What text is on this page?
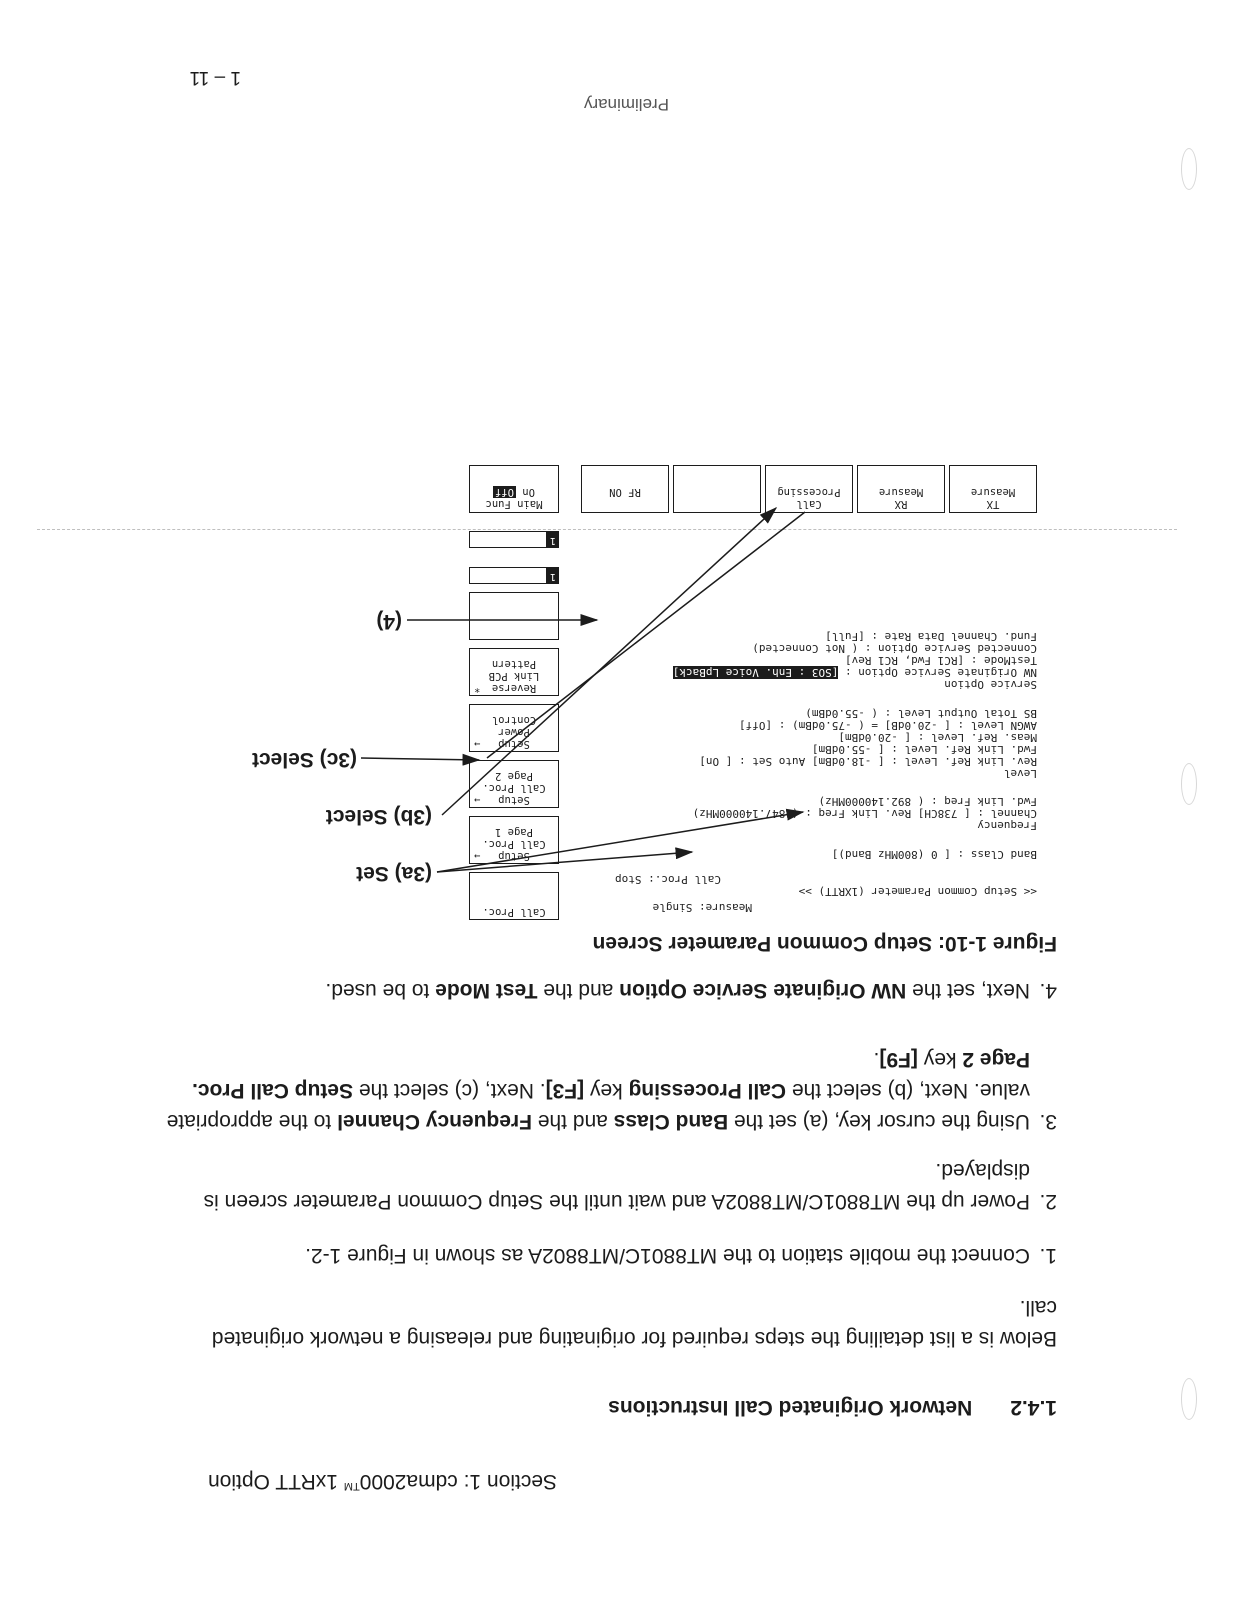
Section 1: cdma2000™ 1xRTT Option
1.4.2Network Originated Call Instructions
Below is a list detailing the steps required for originating and releasing a network originated call.
1.
Connect the mobile station to the MT8801C/MT8802A as shown in Figure 1-2.
2.
Power up the MT8801C/MT8802A and wait until the Setup Common Parameter screen is displayed.
3.
Using the cursor key, (a) set the Band Class and the Frequency Channel to the appropriate value. Next, (b) select the Call Processing key [F3]. Next, (c) select the Setup Call Proc. Page 2 key [F9].
4.
Next, set the NW Originate Service Option and the Test Mode to be used.
Figure 1-10: Setup Common Parameter Screen
<< Setup Common Parameter (1XRTT) >>
Measure: Single
Call Proc.: Stop
Band Class : [ 0 (800MHz Band)]
Frequency
Channel : [ 738CH] Rev. Link Freq : ( 847.140000MHz)
Fwd. Link Freq : ( 892.140000MHz)
Level
Rev. Link Ref. Level : [ -18.0dBm] Auto Set : [ On]
Fwd. Link Ref. Level : [ -55.0dBm]
Meas. Ref. Level : [ -20.0dBm]
AWGN Level : [ -20.0dB] = ( -75.0dBm) : [Off]
BS Total Output Level : ( -55.0dBm)
Service Option
NW Originate Service Option : [SO3 : Enh. Voice LpBack]
TestMode : [RC1 Fwd, RC1 Rev]
Connected Service Option : ( Not Connected)
Fund. Channel Data Rate : [Full]
Call Proc.
Setup
Call Proc.
Page 1
→
Setup
Call Proc.
Page 2
→
Setup
Power
Control
→
Reverse
Link PCB
Pattern
*
1
1 2 3
Main Func
On Off
TX
Measure
RX
Measure
Call
Processing
RF ON
(3a) Set
(3b) Select
(3c) Select
(4)
Preliminary
1 – 11
